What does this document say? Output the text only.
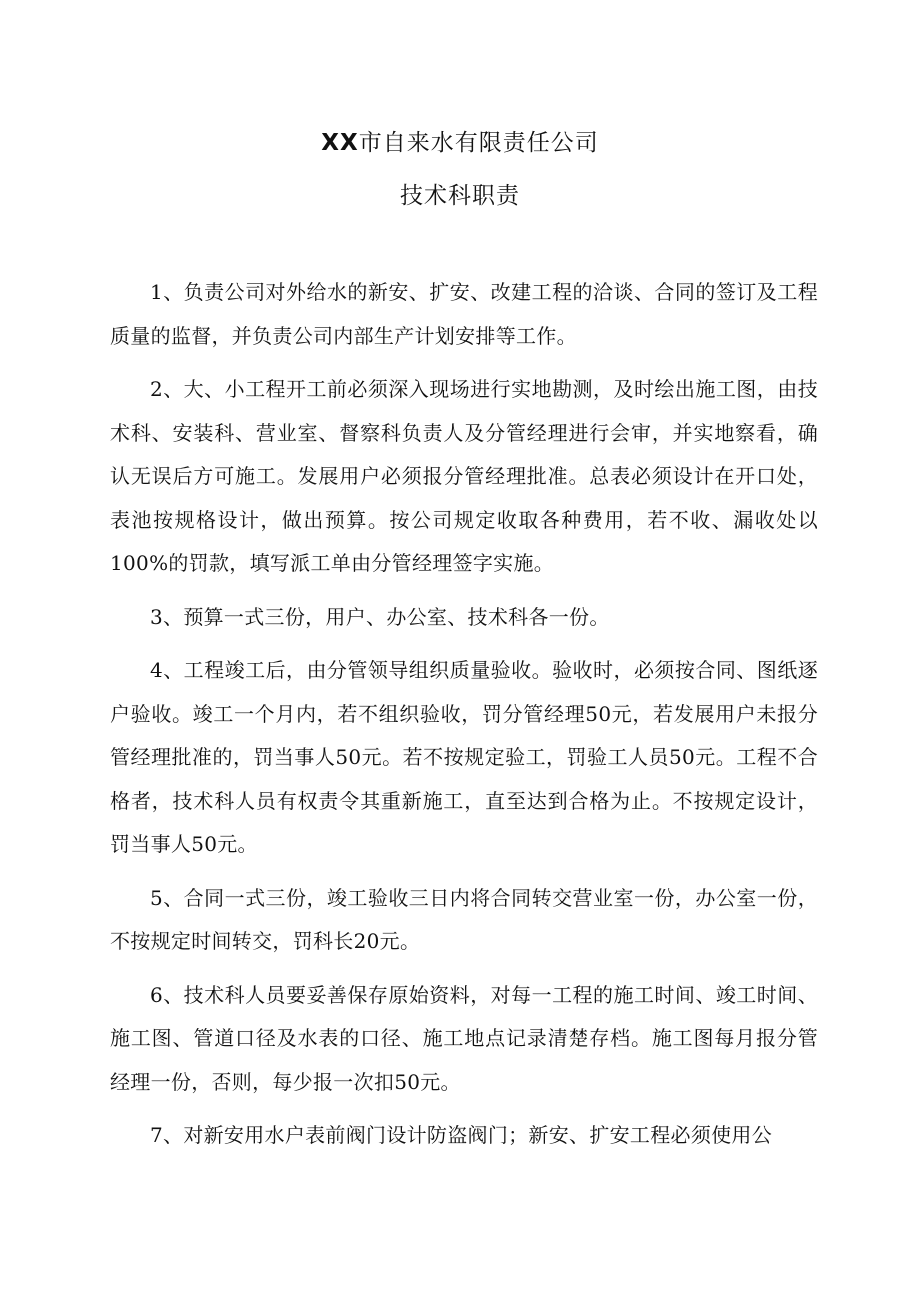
XX市自来水有限责任公司
技术科职责

1、负责公司对外给水的新安、扩安、改建工程的洽谈、合同的签订及工程质量的监督，并负责公司内部生产计划安排等工作。

2、大、小工程开工前必须深入现场进行实地勘测，及时绘出施工图，由技术科、安装科、营业室、督察科负责人及分管经理进行会审，并实地察看，确认无误后方可施工。发展用户必须报分管经理批准。总表必须设计在开口处，表池按规格设计，做出预算。按公司规定收取各种费用，若不收、漏收处以100%的罚款，填写派工单由分管经理签字实施。

3、预算一式三份，用户、办公室、技术科各一份。

4、工程竣工后，由分管领导组织质量验收。验收时，必须按合同、图纸逐户验收。竣工一个月内，若不组织验收，罚分管经理50元，若发展用户未报分管经理批准的，罚当事人50元。若不按规定验工，罚验工人员50元。工程不合格者，技术科人员有权责令其重新施工，直至达到合格为止。不按规定设计，罚当事人50元。

5、合同一式三份，竣工验收三日内将合同转交营业室一份，办公室一份，不按规定时间转交，罚科长20元。

6、技术科人员要妥善保存原始资料，对每一工程的施工时间、竣工时间、施工图、管道口径及水表的口径、施工地点记录清楚存档。施工图每月报分管经理一份，否则，每少报一次扣50元。

7、对新安用水户表前阀门设计防盗阀门；新安、扩安工程必须使用公
